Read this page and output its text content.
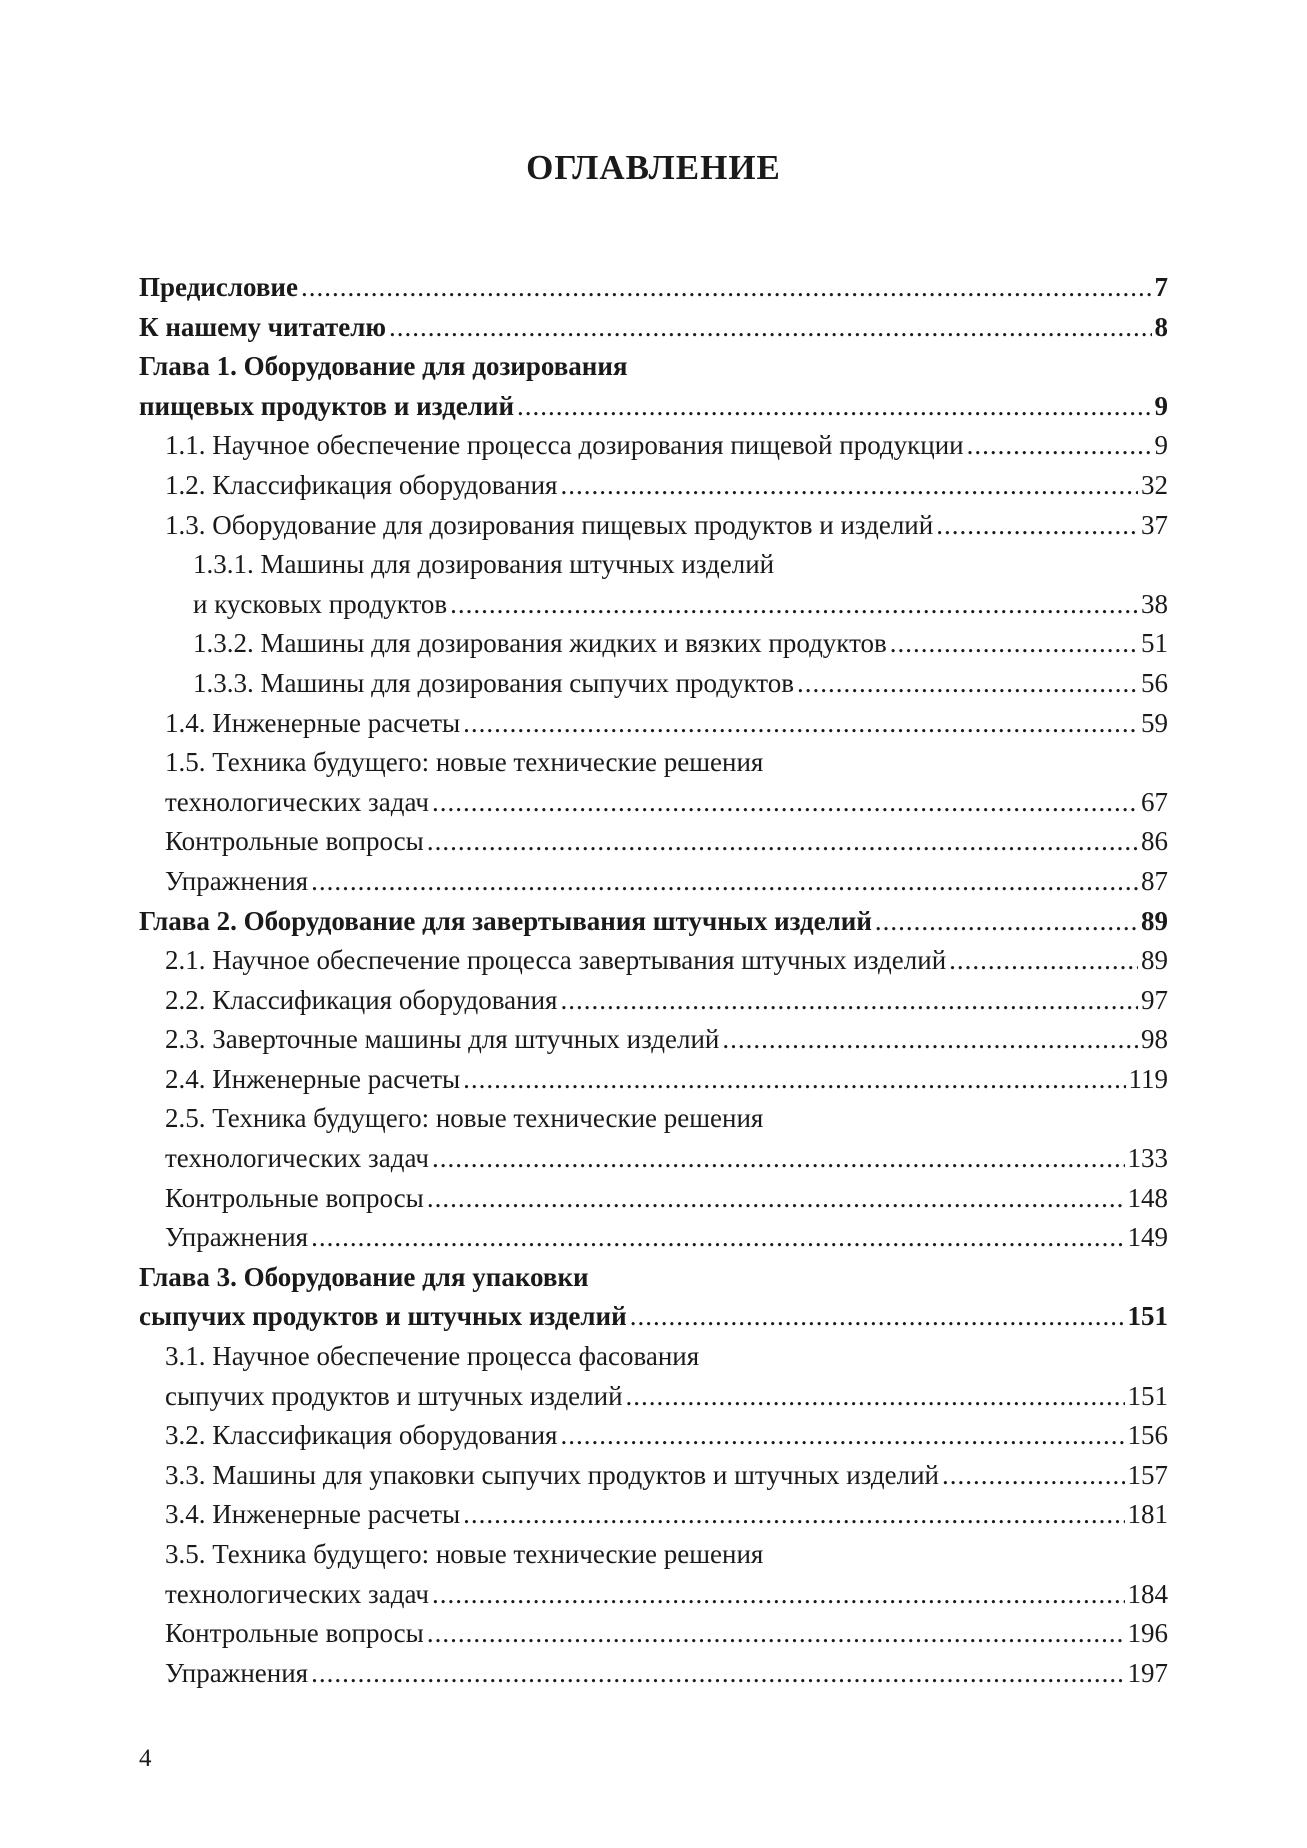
ОГЛАВЛЕНИЕ
Предисловие .....	7
К нашему читателю .....	8
Глава 1. Оборудование для дозирования
пищевых продуктов и изделий .....	9
1.1. Научное обеспечение процесса дозирования пищевой продукции .....	9
1.2. Классификация оборудования .....	32
1.3. Оборудование для дозирования пищевых продуктов и изделий .....	37
1.3.1. Машины для дозирования штучных изделий
и кусковых продуктов .....	38
1.3.2. Машины для дозирования жидких и вязких продуктов .....	51
1.3.3. Машины для дозирования сыпучих продуктов .....	56
1.4. Инженерные расчеты .....	59
1.5. Техника будущего: новые технические решения
технологических задач .....	67
Контрольные вопросы .....	86
Упражнения .....	87
Глава 2. Оборудование для завертывания штучных изделий .....	89
2.1. Научное обеспечение процесса завертывания штучных изделий .....	89
2.2. Классификация оборудования .....	97
2.3. Заверточные машины для штучных изделий .....	98
2.4. Инженерные расчеты .....	119
2.5. Техника будущего: новые технические решения
технологических задач .....	133
Контрольные вопросы .....	148
Упражнения .....	149
Глава 3. Оборудование для упаковки
сыпучих продуктов и штучных изделий .....	151
3.1. Научное обеспечение процесса фасования
сыпучих продуктов и штучных изделий .....	151
3.2. Классификация оборудования .....	156
3.3. Машины для упаковки сыпучих продуктов и штучных изделий .....	157
3.4. Инженерные расчеты .....	181
3.5. Техника будущего: новые технические решения
технологических задач .....	184
Контрольные вопросы .....	196
Упражнения .....	197
4
